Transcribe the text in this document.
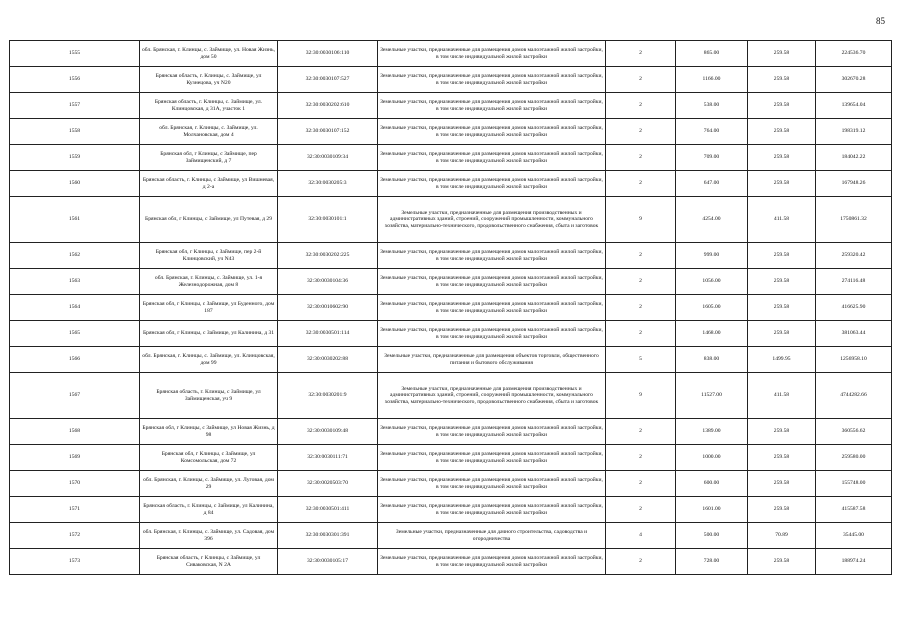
85
1555	обл. Брянская, г. Клинцы, с. Займище, ул. Новая Жизнь, дом 50	32:30:0030106:110	Земельные участки, предназначенные для размещения домов малоэтажной жилой застройки, в том числе индивидуальной жилой застройки	2	865.00	259.58	224536.70
1556	Брянская область, г. Клинцы, с. Займище, ул Кузнецова, уч N20	32:30:0030107:527	Земельные участки, предназначенные для размещения домов малоэтажной жилой застройки, в том числе индивидуальной жилой застройки	2	1166.00	259.58	302670.28
1557	Брянская область, г. Клинцы, с. Займище, ул. Клинцовская, д 31А, участок 1	32:30:0030202:610	Земельные участки, предназначенные для размещения домов малоэтажной жилой застройки, в том числе индивидуальной жилой застройки	2	538.00	259.58	139654.04
1558	обл. Брянская, г. Клинцы, с. Займище, ул. Молчановская, дом 4	32:30:0030107:152	Земельные участки, предназначенные для размещения домов малоэтажной жилой застройки, в том числе индивидуальной жилой застройки	2	764.00	259.58	198319.12
1559	Брянская обл, г Клинцы, с Займище, пер Займищенский, д 7	32:30:0030109:34	Земельные участки, предназначенные для размещения домов малоэтажной жилой застройки, в том числе индивидуальной жилой застройки	2	709.00	259.58	184042.22
1560	Брянская область, г. Клинцы, с Займище, ул Вишневая, д 2-а	32:30:0030205:3	Земельные участки, предназначенные для размещения домов малоэтажной жилой застройки, в том числе индивидуальной жилой застройки	2	647.00	259.58	167948.26
1561	Брянская обл, г Клинцы, с Займище, ул Путевая, д 29	32:30:0030101:1	Земельные участки, предназначенные для размещения производственных и административных зданий, строений, сооружений промышленности, коммунального хозяйства, материально-технического, продовольственного снабжения, сбыта и заготовок	9	4254.00	411.58	1750861.32
1562	Брянская обл, г Клинцы, с Займище, пер 2-й Клинцовский, уч N43	32:30:0030202:225	Земельные участки, предназначенные для размещения домов малоэтажной жилой застройки, в том числе индивидуальной жилой застройки	2	999.00	259.58	259320.42
1563	обл. Брянская, г. Клинцы, с. Займище, ул. 1-я Железнодорожная, дом 8	32:30:0030104:36	Земельные участки, предназначенные для размещения домов малоэтажной жилой застройки, в том числе индивидуальной жилой застройки	2	1056.00	259.58	274116.48
1564	Брянская обл, г Клинцы, с Займище, ул Буденного, дом 187	32:30:0010602:90	Земельные участки, предназначенные для размещения домов малоэтажной жилой застройки, в том числе индивидуальной жилой застройки	2	1605.00	259.58	416625.90
1565	Брянская обл, г Клинцы, с Займище, ул Калинина, д 31	32:30:0030501:114	Земельные участки, предназначенные для размещения домов малоэтажной жилой застройки, в том числе индивидуальной жилой застройки	2	1468.00	259.58	381063.44
1566	обл. Брянская, г. Клинцы, с. Займище, ул. Клинцовская, дом 99	32:30:0030202:88	Земельные участки, предназначенные для размещения объектов торговли, общественного питания и бытового обслуживания	5	838.00	1499.95	1256958.10
1567	Брянская область, г. Клинцы, с Займище, ул Займищенская, уч 9	32:30:0030201:9	Земельные участки, предназначенные для размещения производственных и административных зданий, строений, сооружений промышленности, коммунального хозяйства, материально-технического, продовольственного снабжения, сбыта и заготовок	9	11527.00	411.58	4744282.66
1568	Брянская обл, г Клинцы, с Займище, ул Новая Жизнь, д 98	32:30:0030109:48	Земельные участки, предназначенные для размещения домов малоэтажной жилой застройки, в том числе индивидуальной жилой застройки	2	1389.00	259.58	360556.62
1569	Брянская обл, г Клинцы, с Займище, ул Комсомольская, дом 72	32:30:0030111:71	Земельные участки, предназначенные для размещения домов малоэтажной жилой застройки, в том числе индивидуальной жилой застройки	2	1000.00	259.58	259580.00
1570	обл. Брянская, г. Клинцы, с. Займище, ул. Луговая, дом 29	32:30:0020503:70	Земельные участки, предназначенные для размещения домов малоэтажной жилой застройки, в том числе индивидуальной жилой застройки	2	600.00	259.58	155748.00
1571	Брянская область, г. Клинцы, с Займище, ул Калинина, д 84	32:30:0030501:411	Земельные участки, предназначенные для размещения домов малоэтажной жилой застройки, в том числе индивидуальной жилой застройки	2	1601.00	259.58	415587.58
1572	обл. Брянская, г. Клинцы, с. Займище, ул. Садовая, дом 396	32:30:0030301:391	Земельные участки, предназначенные для дачного строительства, садоводства и огородничества	4	500.00	70.89	35445.00
1573	Брянская область, г Клинцы, с Займище, ул Сиваковская, N 2А	32:30:0030105:17	Земельные участки, предназначенные для размещения домов малоэтажной жилой застройки, в том числе индивидуальной жилой застройки	2	728.00	259.58	188974.24
